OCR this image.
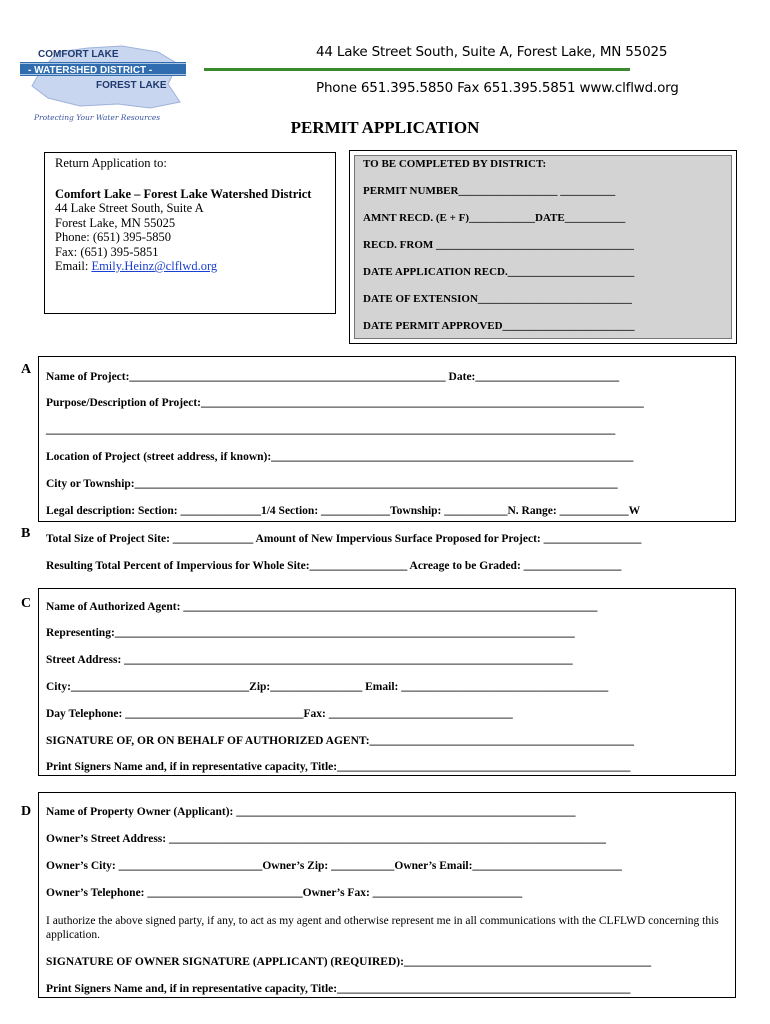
COMFORT LAKE
- WATERSHED DISTRICT -
FOREST LAKE
Protecting Your Water Resources
44 Lake Street South, Suite A, Forest Lake, MN 55025
Phone 651.395.5850 Fax 651.395.5851 www.clflwd.org
PERMIT APPLICATION
Return Application to:
Comfort Lake – Forest Lake Watershed District
44 Lake Street South, Suite A
Forest Lake, MN 55025
Phone: (651) 395-5850
Fax: (651) 395-5851
Email: Emily.Heinz@clflwd.org
TO BE COMPLETED BY DISTRICT:
PERMIT NUMBER__________________ __________
AMNT RECD. (E + F)____________DATE___________
RECD. FROM ____________________________________
DATE APPLICATION RECD._______________________
DATE OF EXTENSION____________________________
DATE PERMIT APPROVED________________________
A Name of Project:_______________________________________________________ Date:_________________________
Purpose/Description of Project:_____________________________________________________________________________
___________________________________________________________________________________________________
Location of Project (street address, if known):_______________________________________________________________
City or Township:____________________________________________________________________________________
Legal description: Section: ______________1/4 Section: ____________Township: ___________N. Range: ____________W
B Total Size of Project Site: ______________ Amount of New Impervious Surface Proposed for Project: _________________
Resulting Total Percent of Impervious for Whole Site:_________________ Acreage to be Graded: _________________
C Name of Authorized Agent: ________________________________________________________________________
Representing:________________________________________________________________________________
Street Address: ______________________________________________________________________________
City:_______________________________Zip:________________ Email: ____________________________________
Day Telephone: _______________________________Fax: ________________________________
SIGNATURE OF, OR ON BEHALF OF AUTHORIZED AGENT:______________________________________________
Print Signers Name and, if in representative capacity, Title:___________________________________________________
D Name of Property Owner (Applicant): ___________________________________________________________
Owner’s Street Address: ____________________________________________________________________________
Owner’s City: _________________________Owner’s Zip: ___________Owner’s Email:__________________________
Owner’s Telephone: ___________________________Owner’s Fax: __________________________
I authorize the above signed party, if any, to act as my agent and otherwise represent me in all communications with the CLFLWD concerning this application.
SIGNATURE OF OWNER SIGNATURE (APPLICANT) (REQUIRED):___________________________________________
Print Signers Name and, if in representative capacity, Title:___________________________________________________
